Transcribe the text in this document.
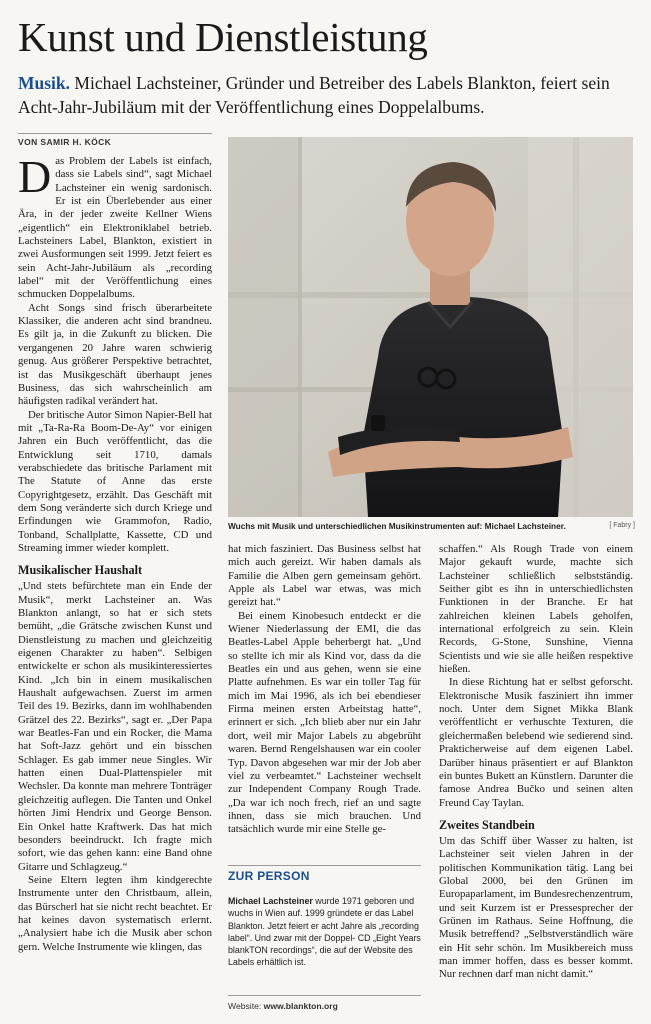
Kunst und Dienstleistung

Musik. Michael Lachsteiner, Gründer und Betreiber des Labels Blankton, feiert sein Acht-Jahr-Jubiläum mit der Veröffentlichung eines Doppelalbums.

VON SAMIR H. KÖCK
Wuchs mit Musik und unterschiedlichen Musikinstrumenten auf: Michael Lachsteiner.	[ Fabry ]

Das Problem der Labels ist einfach, dass sie Labels sind“, sagt Michael Lachsteiner ein wenig sardonisch. Er ist ein Überlebender aus einer Ära, in der jeder zweite Kellner Wiens „eigentlich“ ein Elektroniklabel betrieb. Lachsteiners Label, Blankton, existiert in zwei Ausformungen seit 1999. Jetzt feiert es sein Acht-Jahr-Jubiläum als „recording label“ mit der Veröffentlichung eines schmucken Doppelalbums.

Acht Songs sind frisch überarbeitete Klassiker, die anderen acht sind brandneu. Es gilt ja, in die Zukunft zu blicken. Die vergangenen 20 Jahre waren schwierig genug. Aus größerer Perspektive betrachtet, ist das Musikgeschäft überhaupt jenes Business, das sich wahrscheinlich am häufigsten radikal verändert hat.

Der britische Autor Simon Napier-Bell hat mit „Ta-Ra-Ra Boom-De-Ay“ vor einigen Jahren ein Buch veröffentlicht, das die Entwicklung seit 1710, damals verabschiedete das britische Parlament mit The Statute of Anne das erste Copyrightgesetz, erzählt. Das Geschäft mit dem Song veränderte sich durch Kriege und Erfindungen wie Grammofon, Radio, Tonband, Schallplatte, Kassette, CD und Streaming immer wieder komplett.

Musikalischer Haushalt

„Und stets befürchtete man ein Ende der Musik“, merkt Lachsteiner an. Was Blankton anlangt, so hat er sich stets bemüht, „die Grätsche zwischen Kunst und Dienstleistung zu machen und gleichzeitig eigenen Charakter zu haben“. Selbigen entwickelte er schon als musikinteressiertes Kind. „Ich bin in einem musikalischen Haushalt aufgewachsen. Zuerst im armen Teil des 19. Bezirks, dann im wohlhabenden Grätzel des 22. Bezirks“, sagt er. „Der Papa war Beatles-Fan und ein Rocker, die Mama hat Soft-Jazz gehört und ein bisschen Schlager. Es gab immer neue Singles. Wir hatten einen Dual-Plattenspieler mit Wechsler. Da konnte man mehrere Tonträger gleichzeitig auflegen. Die Tanten und Onkel hörten Jimi Hendrix und George Benson. Ein Onkel hatte Kraftwerk. Das hat mich besonders beeindruckt. Ich fragte mich sofort, wie das gehen kann: eine Band ohne Gitarre und Schlagzeug.“

Seine Eltern legten ihm kindgerechte Instrumente unter den Christbaum, allein, das Bürscherl hat sie nicht recht beachtet. Er hat keines davon systematisch erlernt. „Analysiert habe ich die Musik aber schon gern. Welche Instrumente wie klingen, das

hat mich fasziniert. Das Business selbst hat mich auch gereizt. Wir haben damals als Familie die Alben gern gemeinsam gehört. Apple als Label war etwas, was mich gereizt hat.“

Bei einem Kinobesuch entdeckt er die Wiener Niederlassung der EMI, die das Beatles-Label Apple beherbergt hat. „Und so stellte ich mir als Kind vor, dass da die Beatles ein und aus gehen, wenn sie eine Platte aufnehmen. Es war ein toller Tag für mich im Mai 1996, als ich bei ebendieser Firma meinen ersten Arbeitstag hatte“, erinnert er sich. „Ich blieb aber nur ein Jahr dort, weil mir Major Labels zu abgebrüht waren. Bernd Rengelshausen war ein cooler Typ. Davon abgesehen war mir der Job aber viel zu verbeamtet.“ Lachsteiner wechselt zur Independent Company Rough Trade. „Da war ich noch frech, rief an und sagte ihnen, dass sie mich brauchen. Und tatsächlich wurde mir eine Stelle ge-

ZUR PERSON
Michael Lachsteiner wurde 1971 geboren und wuchs in Wien auf. 1999 gründete er das Label Blankton. Jetzt feiert er acht Jahre als „recording label“. Und zwar mit der Doppel- CD „Eight Years blankTON recordings“, die auf der Website des Labels erhältlich ist.
Website: www.blankton.org

schaffen.“ Als Rough Trade von einem Major gekauft wurde, machte sich Lachsteiner schließlich selbstständig. Seither gibt es ihn in unterschiedlichsten Funktionen in der Branche. Er hat zahlreichen kleinen Labels geholfen, international erfolgreich zu sein. Klein Records, G-Stone, Sunshine, Vienna Scientists und wie sie alle heißen respektive hießen.

In diese Richtung hat er selbst geforscht. Elektronische Musik fasziniert ihn immer noch. Unter dem Signet Mikka Blank veröffentlicht er verhuschte Texturen, die gleichermaßen belebend wie sedierend sind. Prakticherweise auf dem eigenen Label. Darüber hinaus präsentiert er auf Blankton ein buntes Bukett an Künstlern. Darunter die famose Andrea Bučko und seinen alten Freund Cay Taylan.

Zweites Standbein

Um das Schiff über Wasser zu halten, ist Lachsteiner seit vielen Jahren in der politischen Kommunikation tätig. Lang bei Global 2000, bei den Grünen im Europaparlament, im Bundesrechenzentrum, und seit Kurzem ist er Pressesprecher der Grünen im Rathaus. Seine Hoffnung, die Musik betreffend? „Selbstverständlich wäre ein Hit sehr schön. Im Musikbereich muss man immer hoffen, dass es besser kommt. Nur rechnen darf man nicht damit.“
